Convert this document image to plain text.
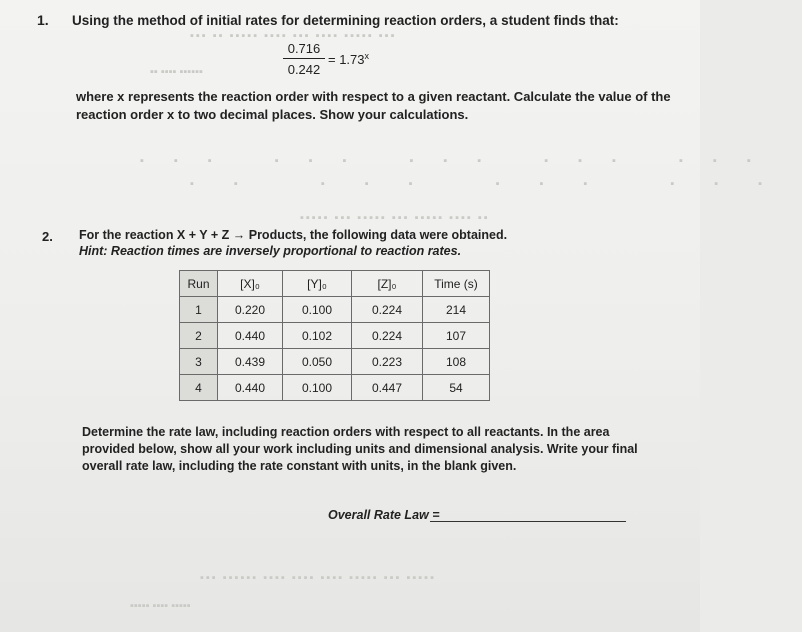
▪▪▪ ▪▪ ▪▪▪▪▪ ▪▪▪▪ ▪▪▪ ▪▪▪▪ ▪▪▪▪▪ ▪▪▪
▪▪ ▪▪▪▪ ▪▪▪▪▪▪
▪▪▪ ▪▪▪ ▪▪▪ ▪▪▪ ▪▪▪
▪▪ ▪▪▪ ▪▪▪ ▪▪▪
▪▪▪▪▪ ▪▪▪ ▪▪▪▪▪ ▪▪▪ ▪▪▪▪▪ ▪▪▪▪ ▪▪
▪▪▪ ▪▪▪▪▪▪ ▪▪▪▪ ▪▪▪▪ ▪▪▪▪ ▪▪▪▪▪ ▪▪▪ ▪▪▪▪▪
▪▪▪▪▪ ▪▪▪▪ ▪▪▪▪▪
1. Using the method of initial rates for determining reaction orders, a student finds that:
$\frac{0.716}{0.242} = 1.73^x$
where x represents the reaction order with respect to a given reactant. Calculate the value of the
reaction order x to two decimal places. Show your calculations.
2. For the reaction X + Y + Z → Products, the following data were obtained.
Hint: Reaction times are inversely proportional to reaction rates.
Run	[X]₀	[Y]₀	[Z]₀	Time (s)
1	0.220	0.100	0.224	214
2	0.440	0.102	0.224	107
3	0.439	0.050	0.223	108
4	0.440	0.100	0.447	54
Determine the rate law, including reaction orders with respect to all reactants. In the area
provided below, show all your work including units and dimensional analysis. Write your final
overall rate law, including the rate constant with units, in the blank given.
Overall Rate Law =
